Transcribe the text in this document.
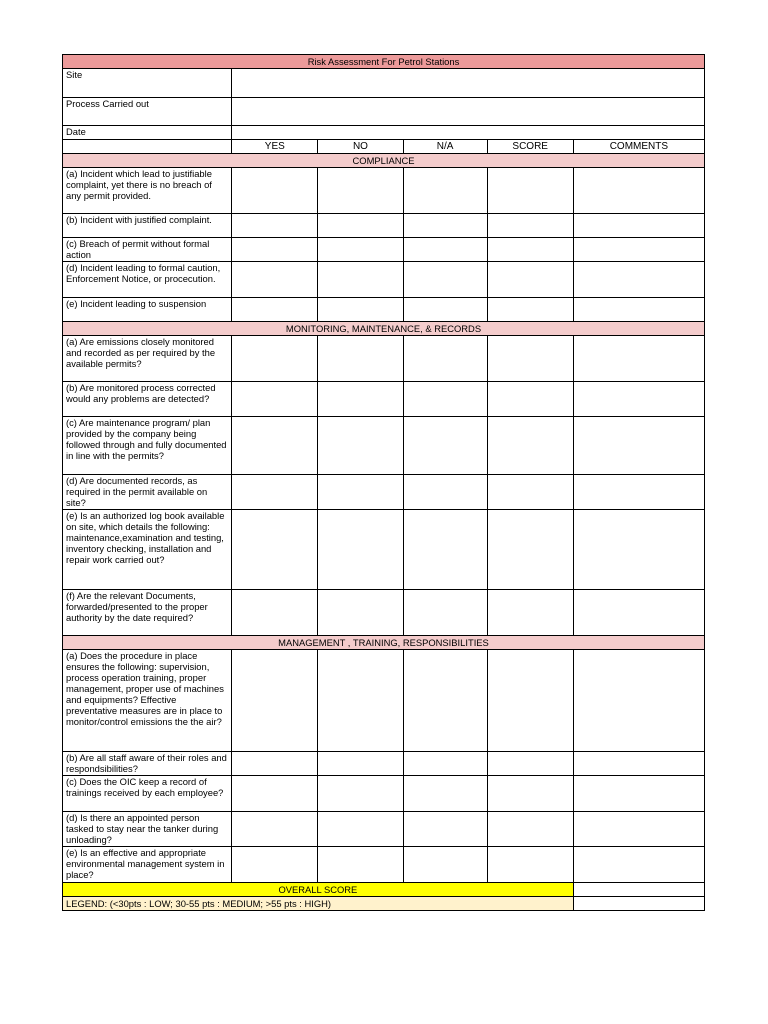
Risk Assessment For Petrol Stations					
Site					
Process Carried out					
Date					
	YES	NO	N/A	SCORE	COMMENTS
COMPLIANCE					
(a) Incident which lead to justifiable complaint, yet there is no breach of any permit provided.					
(b) Incident with justified complaint.					
(c) Breach of permit without formal action					
(d) Incident leading to formal caution, Enforcement Notice, or procecution.					
(e) Incident leading to suspension					
MONITORING, MAINTENANCE, & RECORDS					
(a) Are emissions closely monitored and recorded as per required by the available permits?					
(b) Are monitored process corrected would any problems are detected?					
(c) Are maintenance program/ plan provided by the company being followed through and fully documented in line with the permits?					
(d) Are documented records, as required in the permit available on site?					
(e) Is an authorized log book available on site, which details the following: maintenance,examination and testing, inventory checking, installation and repair work carried out?					
(f) Are the relevant Documents, forwarded/presented to the proper authority by the date required?					
MANAGEMENT , TRAINING, RESPONSIBILITIES					
(a) Does the procedure in place ensures the following: supervision, process operation training, proper management, proper use of machines and equipments? Effective preventative measures are in place to monitor/control emissions the the air?					
(b) Are all staff aware of their roles and respondsibilities?					
(c) Does the OIC keep a record of trainings received by each employee?					
(d) Is there an appointed person tasked to stay near the tanker during unloading?					
(e) Is an effective and appropriate environmental management system in place?					
OVERALL SCORE					
LEGEND: (<30pts : LOW; 30-55 pts : MEDIUM; >55 pts : HIGH)					
